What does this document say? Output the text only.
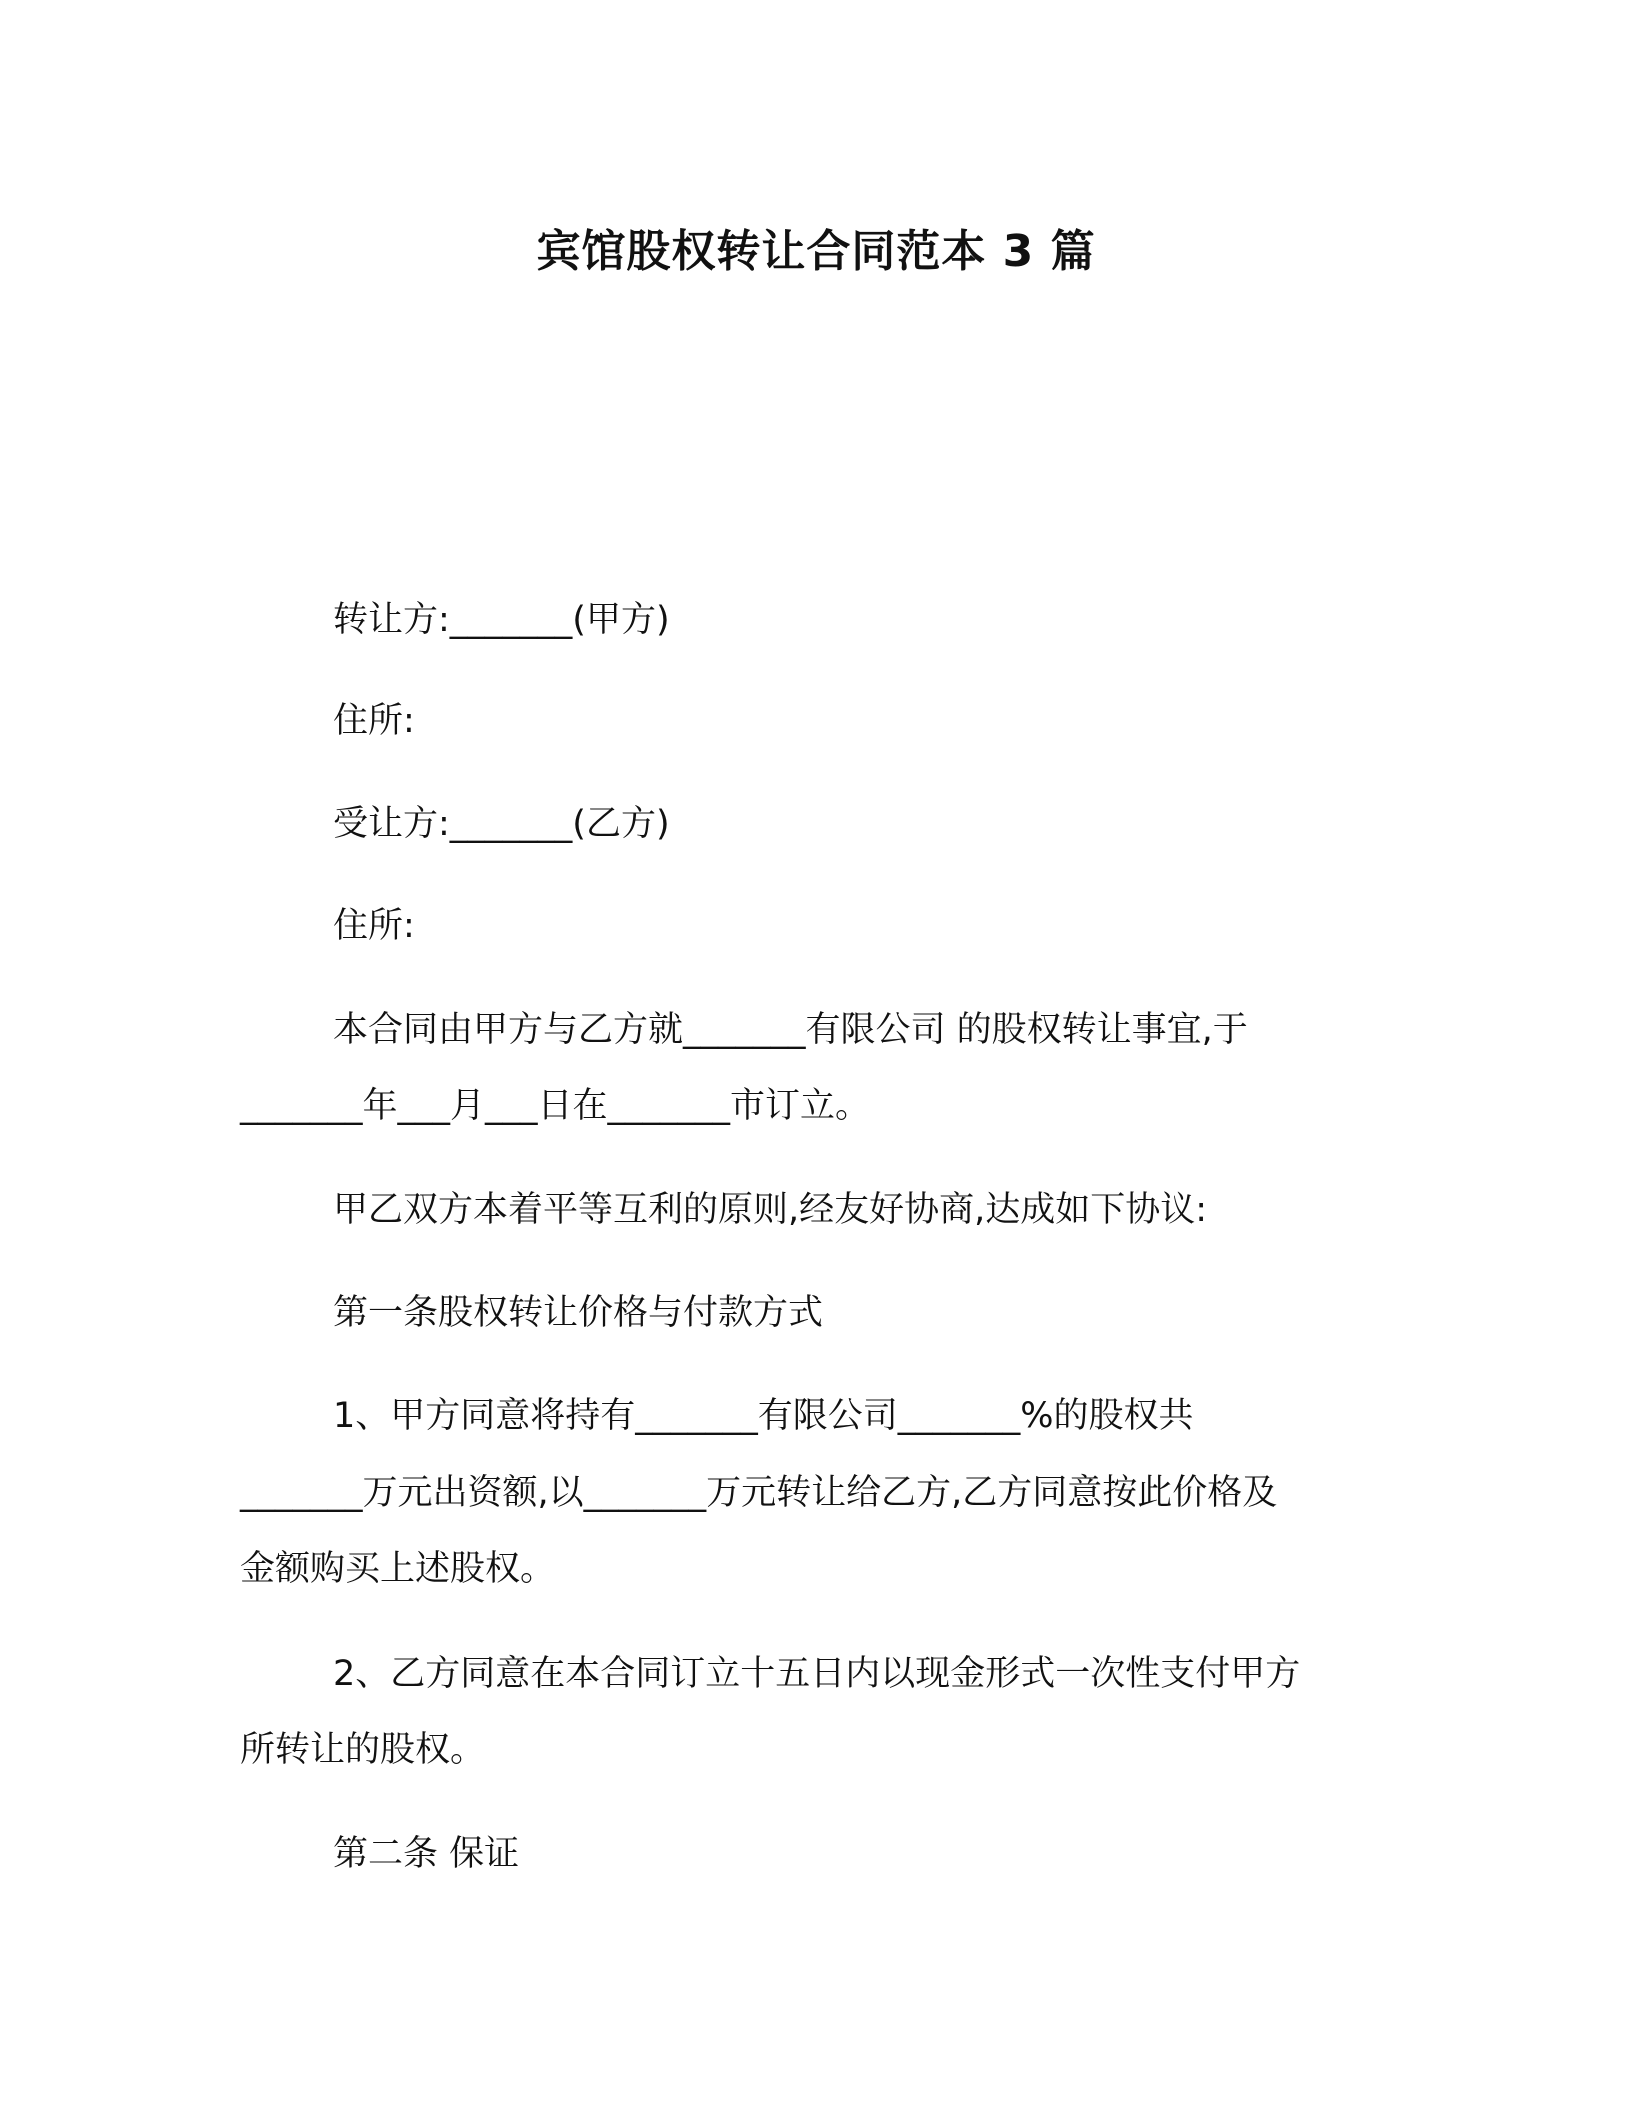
宾馆股权转让合同范本 3 篇
转让方:_______(甲方)
住所:
受让方:_______(乙方)
住所:
本合同由甲方与乙方就_______有限公司 的股权转让事宜,于
_______年___月___日在_______市订立。
甲乙双方本着平等互利的原则,经友好协商,达成如下协议:
第一条股权转让价格与付款方式
1、甲方同意将持有_______有限公司_______%的股权共
_______万元出资额,以_______万元转让给乙方,乙方同意按此价格及
金额购买上述股权。
2、乙方同意在本合同订立十五日内以现金形式一次性支付甲方
所转让的股权。
第二条 保证
